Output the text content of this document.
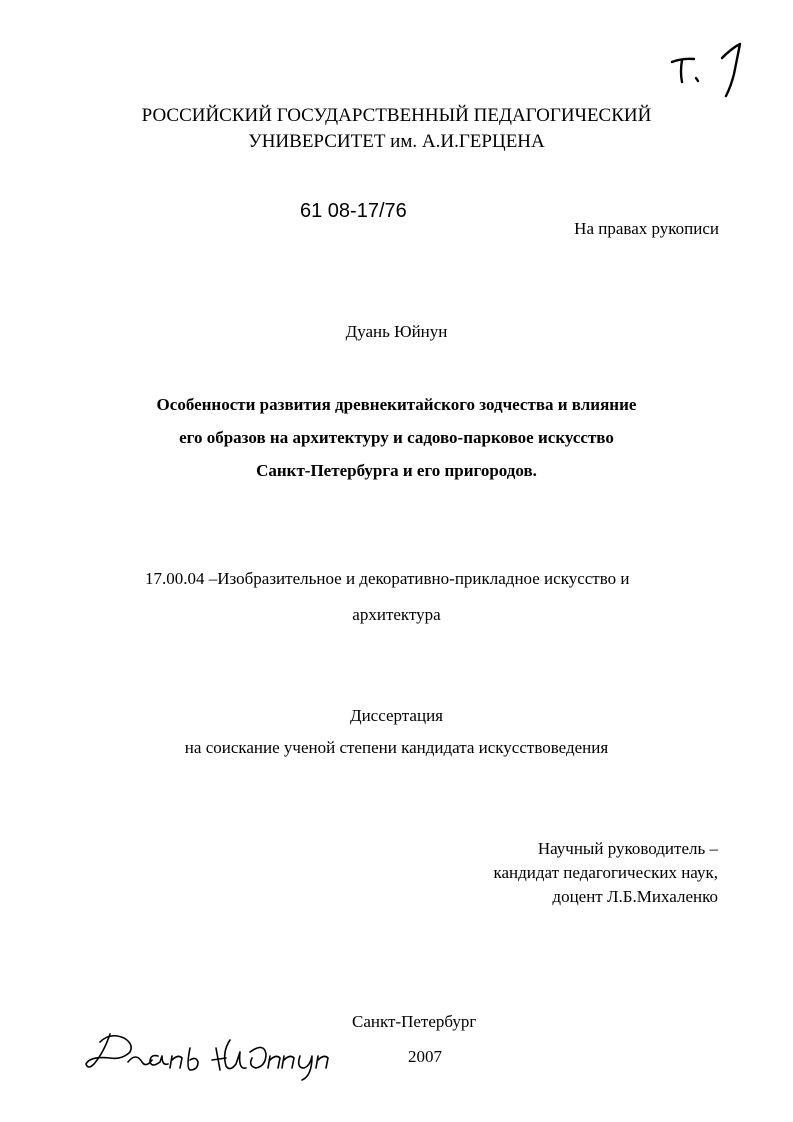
РОССИЙСКИЙ ГОСУДАРСТВЕННЫЙ ПЕДАГОГИЧЕСКИЙ
УНИВЕРСИТЕТ им. А.И.ГЕРЦЕНА
61 08-17/76
На правах рукописи
Дуань Юйнун
Особенности развития древнекитайского зодчества и влияние
его образов на архитектуру и садово-парковое искусство
Санкт-Петербурга и его пригородов.
17.00.04 –Изобразительное и декоративно-прикладное искусство и
архитектура
Диссертация
на соискание ученой степени кандидата искусствоведения
Научный руководитель –
кандидат педагогических наук,
доцент Л.Б.Михаленко
Санкт-Петербург
2007
